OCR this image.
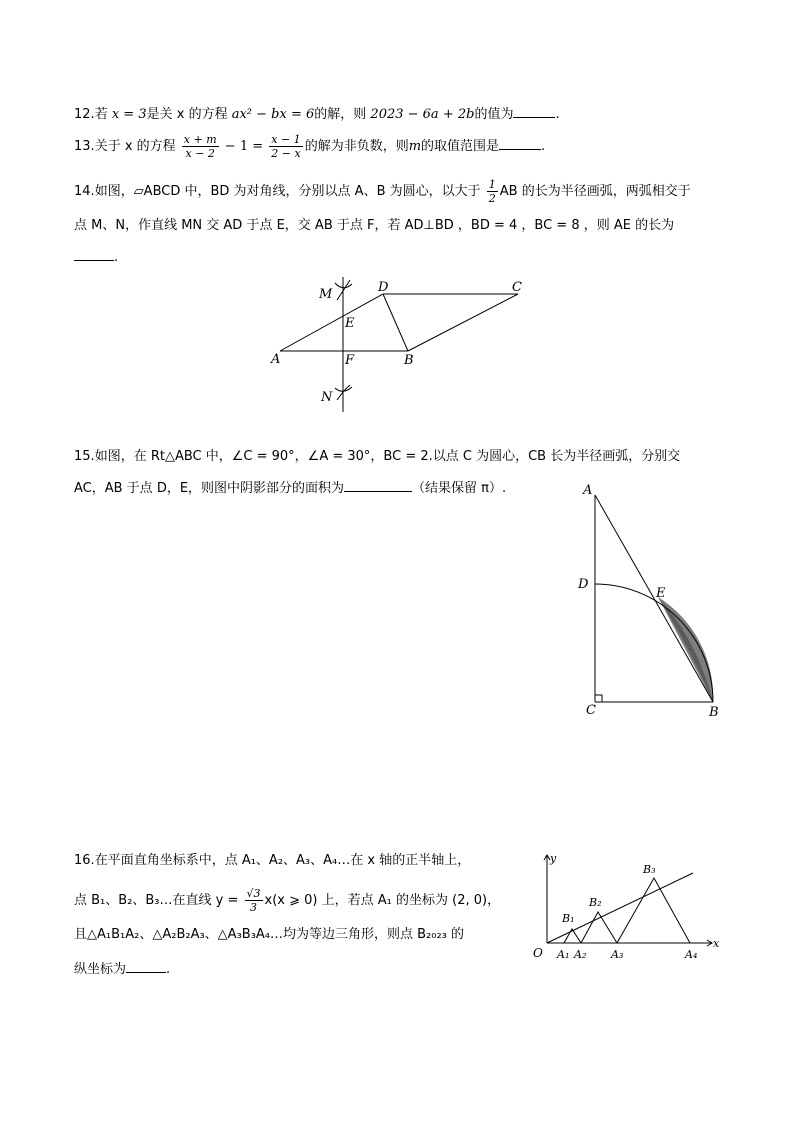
12.若 x = 3是关 x 的方程 ax² − bx = 6的解，则 2023 − 6a + 2b的值为	.
13.关于 x 的方程 $\frac{x + m}{x - 2} - 1 = \frac{x - 1}{2 - x}$ 的解为非负数，则m的取值范围是	.
14.如图，▱ABCD 中，BD 为对角线，分别以点 A、B 为圆心，以大于 $\frac{1}{2}$ AB 的长为半径画弧，两弧相交于
点 M、N，作直线 MN 交 AD 于点 E，交 AB 于点 F，若 AD⊥BD ，BD = 4 ，BC = 8 ，则 AE 的长为
.
M	D	C
E
A	F	B
N
15.如图，在 Rt△ABC 中，∠C = 90°，∠A = 30°，BC = 2.以点 C 为圆心，CB 长为半径画弧，分别交
AC，AB 于点 D，E，则图中阴影部分的面积为	（结果保留 π）.	A
D
E
C	B
16.在平面直角坐标系中，点 A₁、A₂、A₃、A₄…在 x 轴的正半轴上，
点 B₁、B₂、B₃…在直线 $y = \frac{√3}{3} x(x$ ⩾ 0) 上，若点 A₁ 的坐标为 (2, 0)，
且△A₁B₁A₂、△A₂B₂A₃、△A₃B₃A₄…均为等边三角形，则点 B₂₀₂₃ 的
纵坐标为	.
y
x
O A₁ A₂ A₃	A₄
B₁
B₂
B₃
